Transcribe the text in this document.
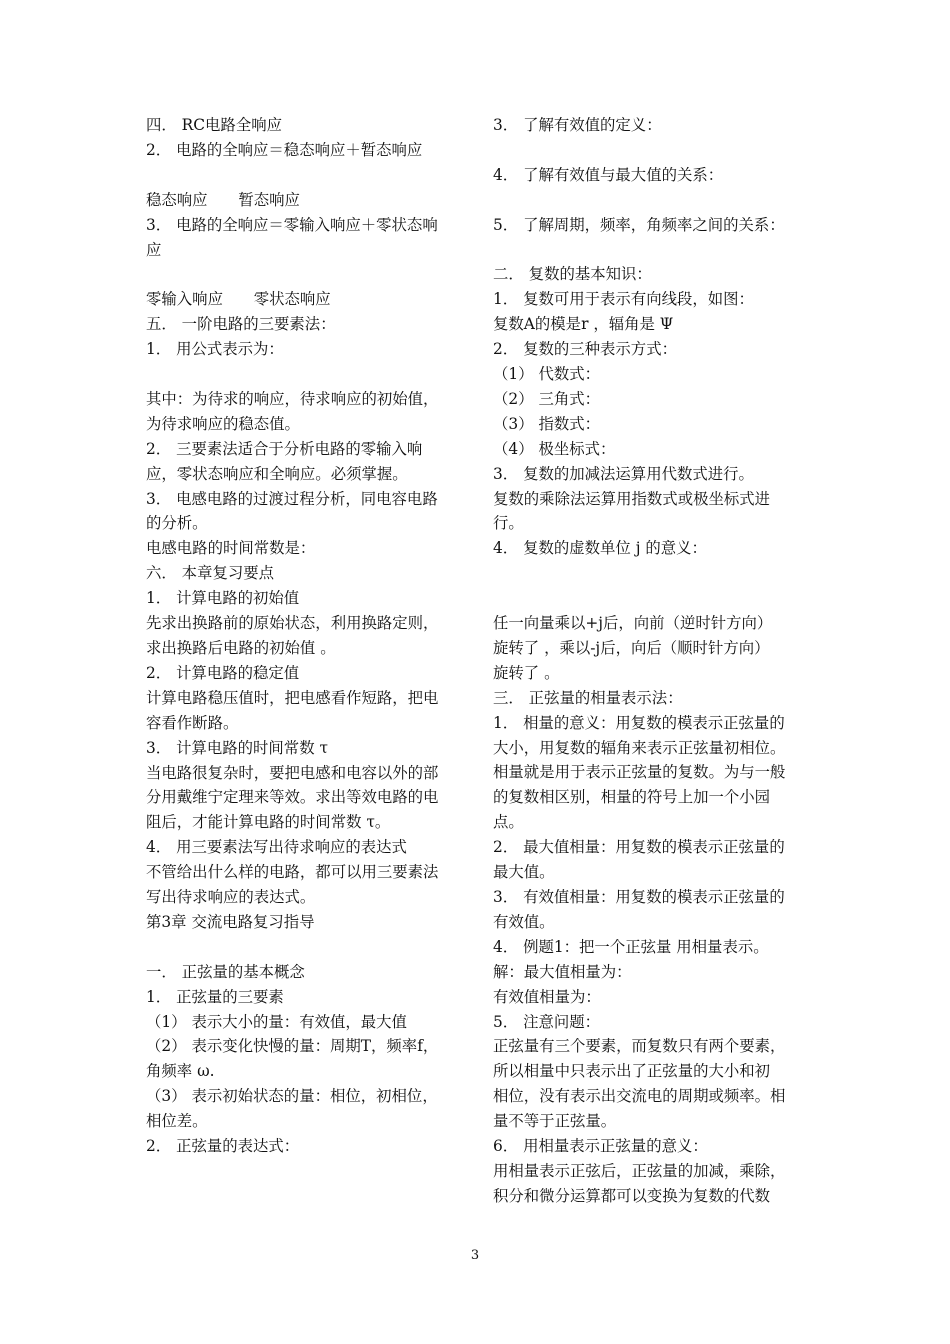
四． RC电路全响应
2． 电路的全响应＝稳态响应＋暂态响应
稳态响应　　暂态响应
3． 电路的全响应＝零输入响应＋零状态响
应
零输入响应　　零状态响应
五． 一阶电路的三要素法：
1． 用公式表示为：
其中：为待求的响应，待求响应的初始值，
为待求响应的稳态值。
2． 三要素法适合于分析电路的零输入响
应，零状态响应和全响应。必须掌握。
3． 电感电路的过渡过程分析，同电容电路
的分析。
电感电路的时间常数是：
六． 本章复习要点
1． 计算电路的初始值
先求出换路前的原始状态，利用换路定则，
求出换路后电路的初始值 。
2． 计算电路的稳定值
计算电路稳压值时，把电感看作短路，把电
容看作断路。
3． 计算电路的时间常数 τ
当电路很复杂时，要把电感和电容以外的部
分用戴维宁定理来等效。求出等效电路的电
阻后，才能计算电路的时间常数 τ。
4． 用三要素法写出待求响应的表达式
不管给出什么样的电路，都可以用三要素法
写出待求响应的表达式。
第3章 交流电路复习指导
一． 正弦量的基本概念
1． 正弦量的三要素
（1） 表示大小的量：有效值，最大值
（2） 表示变化快慢的量：周期T，频率f，
角频率 ω.
（3） 表示初始状态的量：相位，初相位，
相位差。
2． 正弦量的表达式：
3． 了解有效值的定义：
4． 了解有效值与最大值的关系：
5． 了解周期，频率，角频率之间的关系：
二． 复数的基本知识：
1． 复数可用于表示有向线段，如图：
复数A的模是r ，辐角是 Ψ
2． 复数的三种表示方式：
（1） 代数式：
（2） 三角式：
（3） 指数式：
（4） 极坐标式：
3． 复数的加减法运算用代数式进行。
复数的乘除法运算用指数式或极坐标式进
行。
4． 复数的虚数单位 j 的意义：
任一向量乘以+j后，向前（逆时针方向）
旋转了 ，乘以-j后，向后（顺时针方向）
旋转了 。
三． 正弦量的相量表示法：
1． 相量的意义：用复数的模表示正弦量的
大小，用复数的辐角来表示正弦量初相位。
相量就是用于表示正弦量的复数。为与一般
的复数相区别，相量的符号上加一个小园
点。
2． 最大值相量：用复数的模表示正弦量的
最大值。
3． 有效值相量：用复数的模表示正弦量的
有效值。
4． 例题1：把一个正弦量 用相量表示。
解：最大值相量为：
有效值相量为：
5． 注意问题：
正弦量有三个要素，而复数只有两个要素，
所以相量中只表示出了正弦量的大小和初
相位，没有表示出交流电的周期或频率。相
量不等于正弦量。
6． 用相量表示正弦量的意义：
用相量表示正弦后，正弦量的加减，乘除，
积分和微分运算都可以变换为复数的代数
3
